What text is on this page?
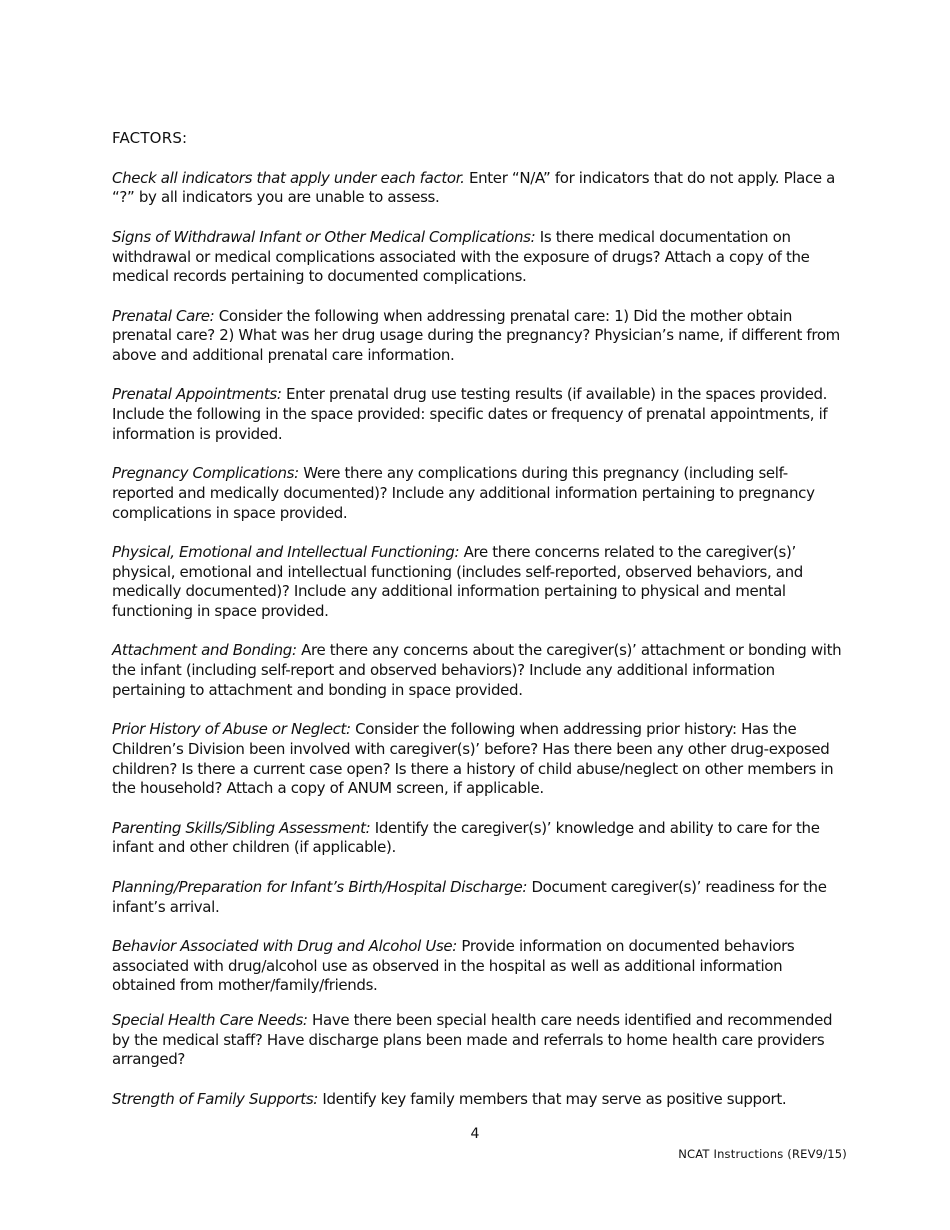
FACTORS:

Check all indicators that apply under each factor. Enter “N/A” for indicators that do not apply. Place a “?” by all indicators you are unable to assess.

Signs of Withdrawal Infant or Other Medical Complications: Is there medical documentation on withdrawal or medical complications associated with the exposure of drugs? Attach a copy of the medical records pertaining to documented complications.

Prenatal Care: Consider the following when addressing prenatal care: 1) Did the mother obtain prenatal care? 2) What was her drug usage during the pregnancy? Physician’s name, if different from above and additional prenatal care information.

Prenatal Appointments: Enter prenatal drug use testing results (if available) in the spaces provided. Include the following in the space provided: specific dates or frequency of prenatal appointments, if information is provided.

Pregnancy Complications: Were there any complications during this pregnancy (including self-reported and medically documented)? Include any additional information pertaining to pregnancy complications in space provided.

Physical, Emotional and Intellectual Functioning: Are there concerns related to the caregiver(s)’ physical, emotional and intellectual functioning (includes self-reported, observed behaviors, and medically documented)? Include any additional information pertaining to physical and mental functioning in space provided.

Attachment and Bonding: Are there any concerns about the caregiver(s)’ attachment or bonding with the infant (including self-report and observed behaviors)? Include any additional information pertaining to attachment and bonding in space provided.

Prior History of Abuse or Neglect: Consider the following when addressing prior history: Has the Children’s Division been involved with caregiver(s)’ before? Has there been any other drug-exposed children? Is there a current case open? Is there a history of child abuse/neglect on other members in the household? Attach a copy of ANUM screen, if applicable.

Parenting Skills/Sibling Assessment: Identify the caregiver(s)’ knowledge and ability to care for the infant and other children (if applicable).

Planning/Preparation for Infant’s Birth/Hospital Discharge: Document caregiver(s)’ readiness for the infant’s arrival.

Behavior Associated with Drug and Alcohol Use: Provide information on documented behaviors associated with drug/alcohol use as observed in the hospital as well as additional information obtained from mother/family/friends.

Special Health Care Needs: Have there been special health care needs identified and recommended by the medical staff? Have discharge plans been made and referrals to home health care providers arranged?

Strength of Family Supports: Identify key family members that may serve as positive support.

4
NCAT Instructions (REV9/15)
